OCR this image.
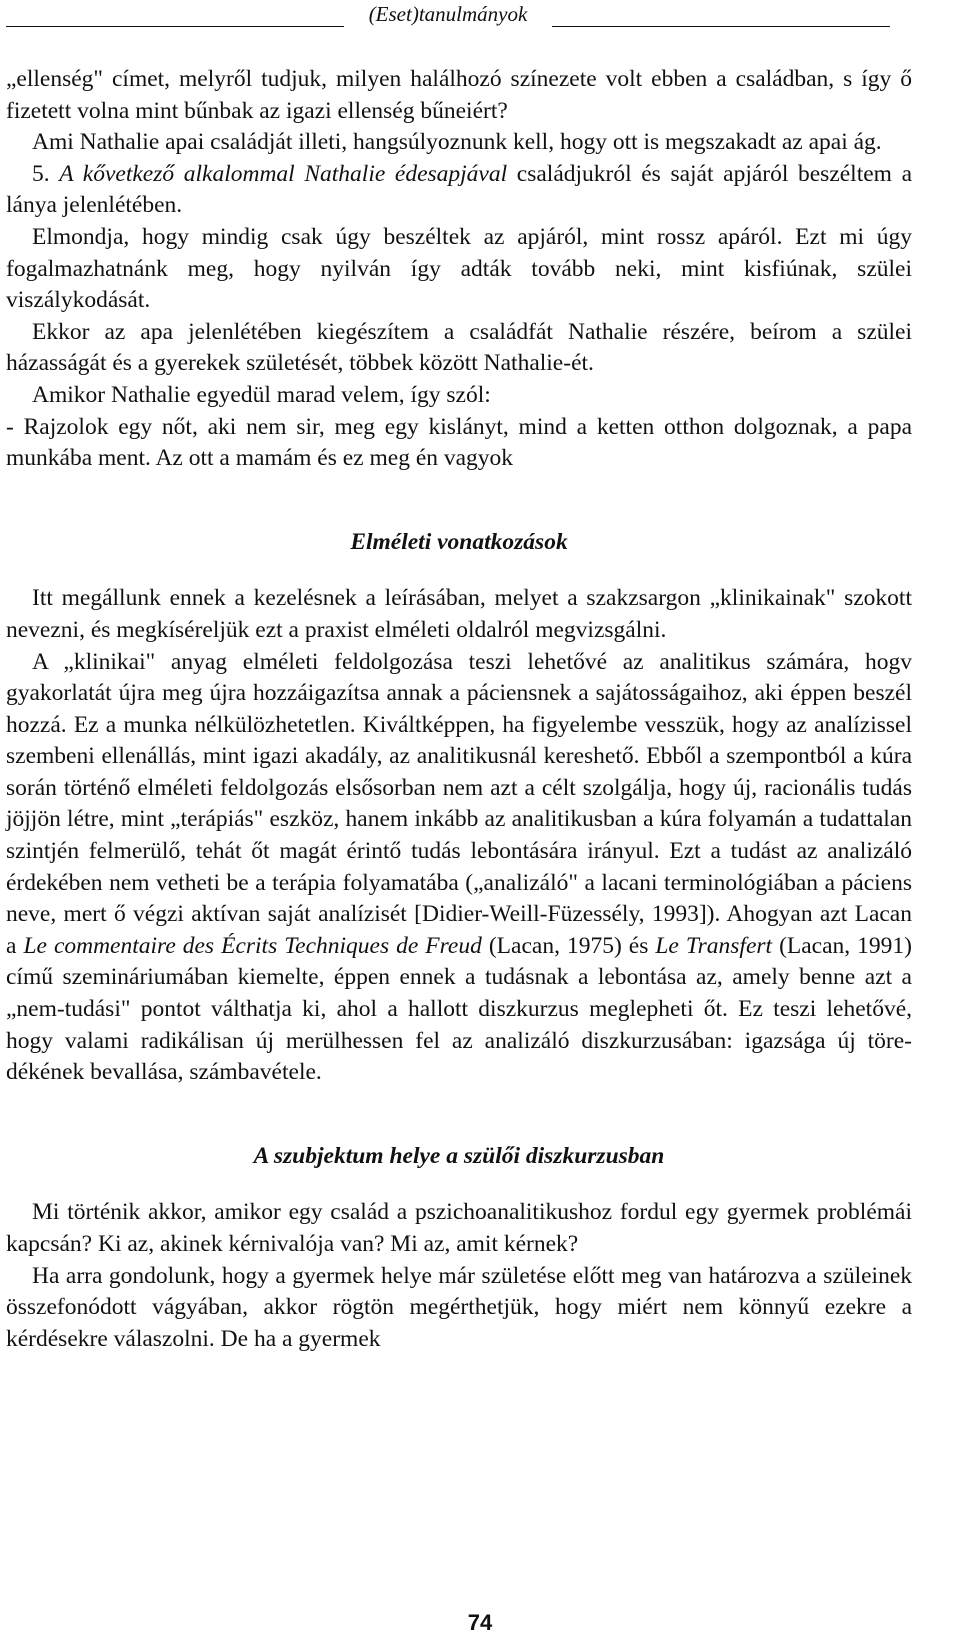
(Eset)tanulmányok

„ellenség" címet, melyről tudjuk, milyen halálhozó színezete volt ebben a családban, s így ő fizetett volna mint bűnbak az igazi ellenség bűneiért?

Ami Nathalie apai családját illeti, hangsúlyoznunk kell, hogy ott is megszakadt az apai ág.

5. A kővetkező alkalommal Nathalie édesapjával családjukról és saját apjáról beszéltem a lánya jelenlétében.

Elmondja, hogy mindig csak úgy beszéltek az apjáról, mint rossz apáról. Ezt mi úgy fogalmazhatnánk meg, hogy nyilván így adták tovább neki, mint kisfiúnak, szülei viszálykodását.

Ekkor az apa jelenlétében kiegészítem a családfát Nathalie részére, beírom a szülei házasságát és a gyerekek születését, többek között Nathalie-ét.

Amikor Nathalie egyedül marad velem, így szól:

- Rajzolok egy nőt, aki nem sir, meg egy kislányt, mind a ketten otthon dolgoznak, a papa munkába ment. Az ott a mamám és ez meg én vagyok

Elméleti vonatkozások

Itt megállunk ennek a kezelésnek a leírásában, melyet a szakzsargon „klinikainak" szokott nevezni, és megkíséreljük ezt a praxist elméleti oldalról megvizsgálni.

A „klinikai" anyag elméleti feldolgozása teszi lehetővé az analitikus számára, hogv gyakorlatát újra meg újra hozzáigazítsa annak a páciensnek a sajátosságaihoz, aki éppen beszél hozzá. Ez a munka nélkülözhetetlen. Kiváltképpen, ha figyelembe vesszük, hogy az analízissel szembeni ellenállás, mint igazi akadály, az analitikusnál kereshető. Ebből a szempontból a kúra során történő elméleti feldolgozás elsősorban nem azt a célt szolgálja, hogy új, racionális tudás jöjjön létre, mint „terápiás" eszköz, hanem inkább az analitikusban a kúra folyamán a tudattalan szintjén felmerülő, tehát őt magát érintő tudás lebontására irányul. Ezt a tudást az analizáló érdekében nem vetheti be a terápia folyamatába („analizáló" a lacani terminológiában a páciens neve, mert ő végzi aktívan saját analízisét [Didier-Weill-Füzessély, 1993]). Ahogyan azt Lacan a Le commentaire des Écrits Techniques de Freud (Lacan, 1975) és Le Transfert (Lacan, 1991) című szemináriumában kiemelte, éppen ennek a tudásnak a lebontása az, amely benne azt a „nem-tudási" pontot válthatja ki, ahol a hallott diszkurzus meglepheti őt. Ez teszi lehetővé, hogy valami radikálisan új merülhessen fel az analizáló diszkurzusában: igazsága új töredékének bevallása, számbavétele.

A szubjektum helye a szülői diszkurzusban

Mi történik akkor, amikor egy család a pszichoanalitikushoz fordul egy gyermek problémái kapcsán? Ki az, akinek kérnivalója van? Mi az, amit kérnek?

Ha arra gondolunk, hogy a gyermek helye már születése előtt meg van határozva a szüleinek összefonódott vágyában, akkor rögtön megérthetjük, hogy miért nem könnyű ezekre a kérdésekre válaszolni. De ha a gyermek

74
